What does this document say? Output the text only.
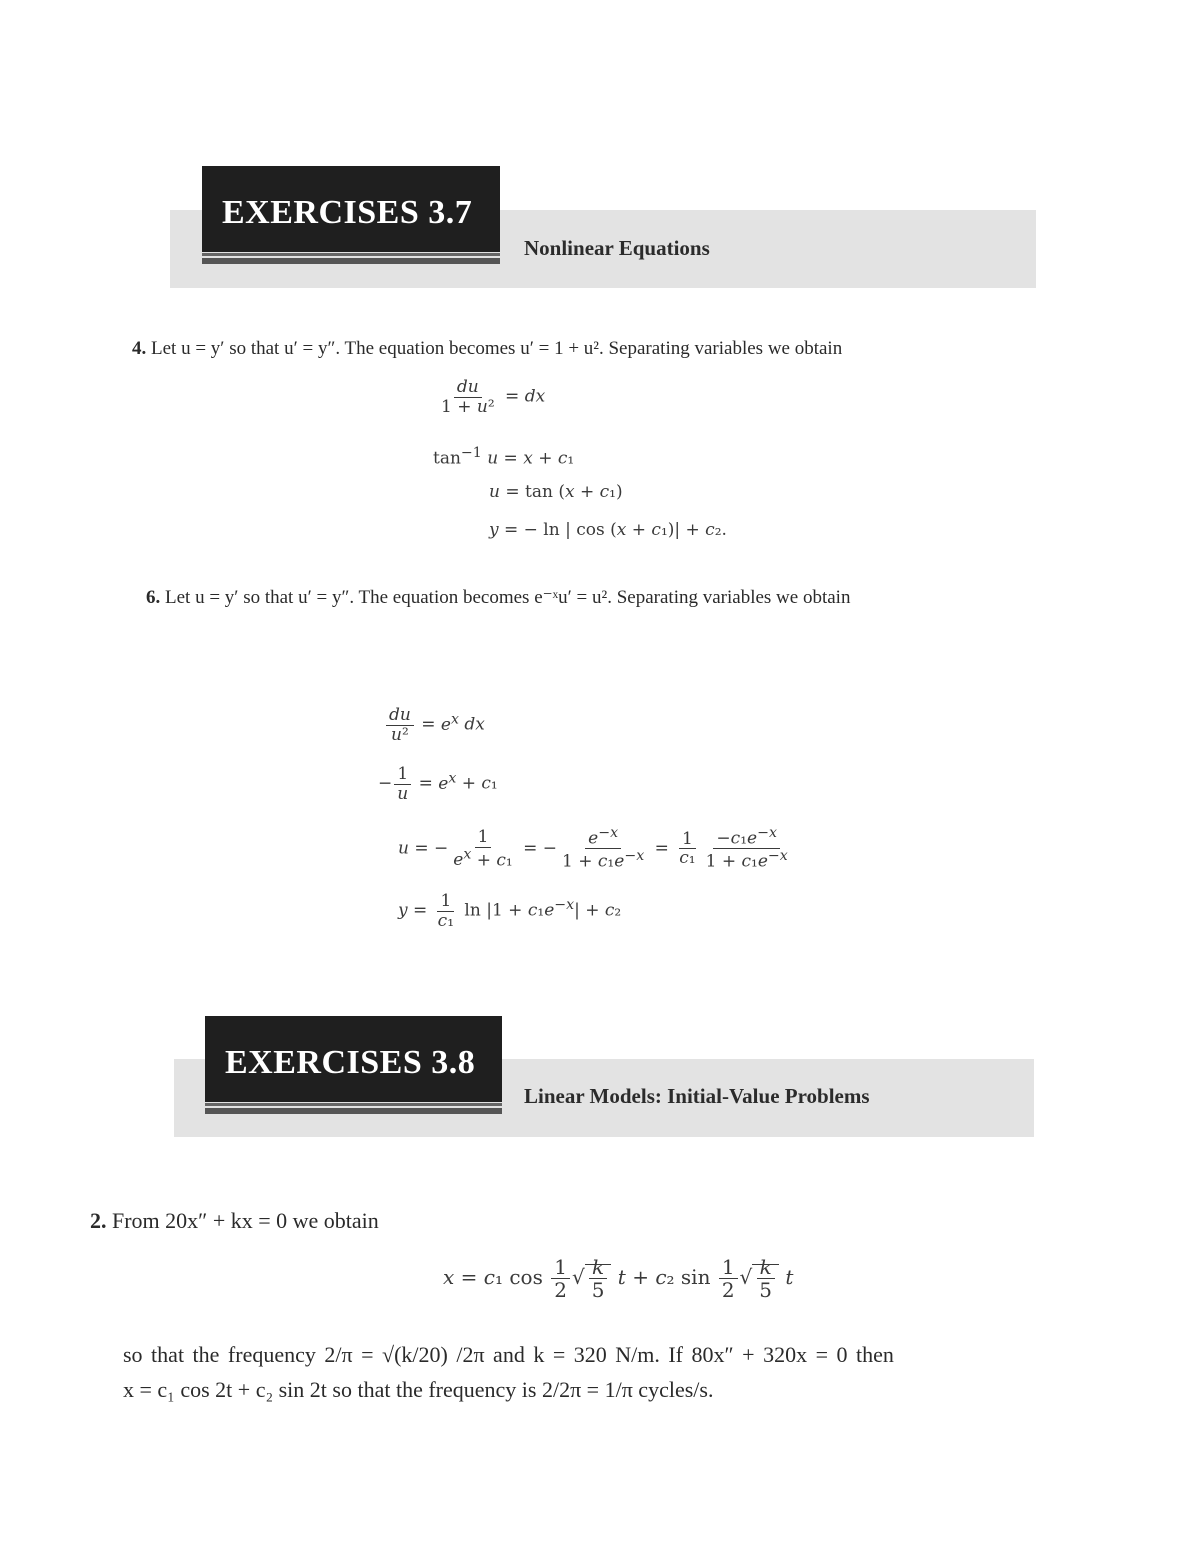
EXERCISES 3.7
Nonlinear Equations
4. Let u = y′ so that u′ = y″. The equation becomes u′ = 1 + u². Separating variables we obtain
$\frac{du}{\text{1 + u²}}$ = dx
$\tan^{-1} u = x + c_1$
u = tan (x + c₁)
y = − ln | cos (x + c₁)| + c₂.
6. Let u = y′ so that u′ = y″. The equation becomes e⁻ˣu′ = u². Separating variables we obtain
$\frac{du}{\text{u²}} = e^x$ dx
− $\frac{1}{u} = e^x + c_1$
u = − $\frac{1}{e^x + c_1}$ = − $\frac{e^{-x}}{1 + c_1e^{-x}} = \frac{1}{\text{c₁}} \frac{-c_1e^{-x}}{1 + c_1e^{-x}}$
$y = \frac{1}{\text{c₁}}$ $\ln |1 + c_1e^{-x}| + c_2$
EXERCISES 3.8
Linear Models: Initial-Value Problems
2. From 20x″ + kx = 0 we obtain
x = c₁ $\cos \frac{1}{2}$ √ $\frac{k}{5}$ t + c₂ $\sin \frac{1}{2}$ √ $\frac{k}{5}$ t
so that the frequency 2/π = √(k/20) /2π and k = 320 N/m. If 80x″ + 320x = 0 then
x = c₁ cos 2t + c₂ sin 2t so that the frequency is 2/2π = 1/π cycles/s.
